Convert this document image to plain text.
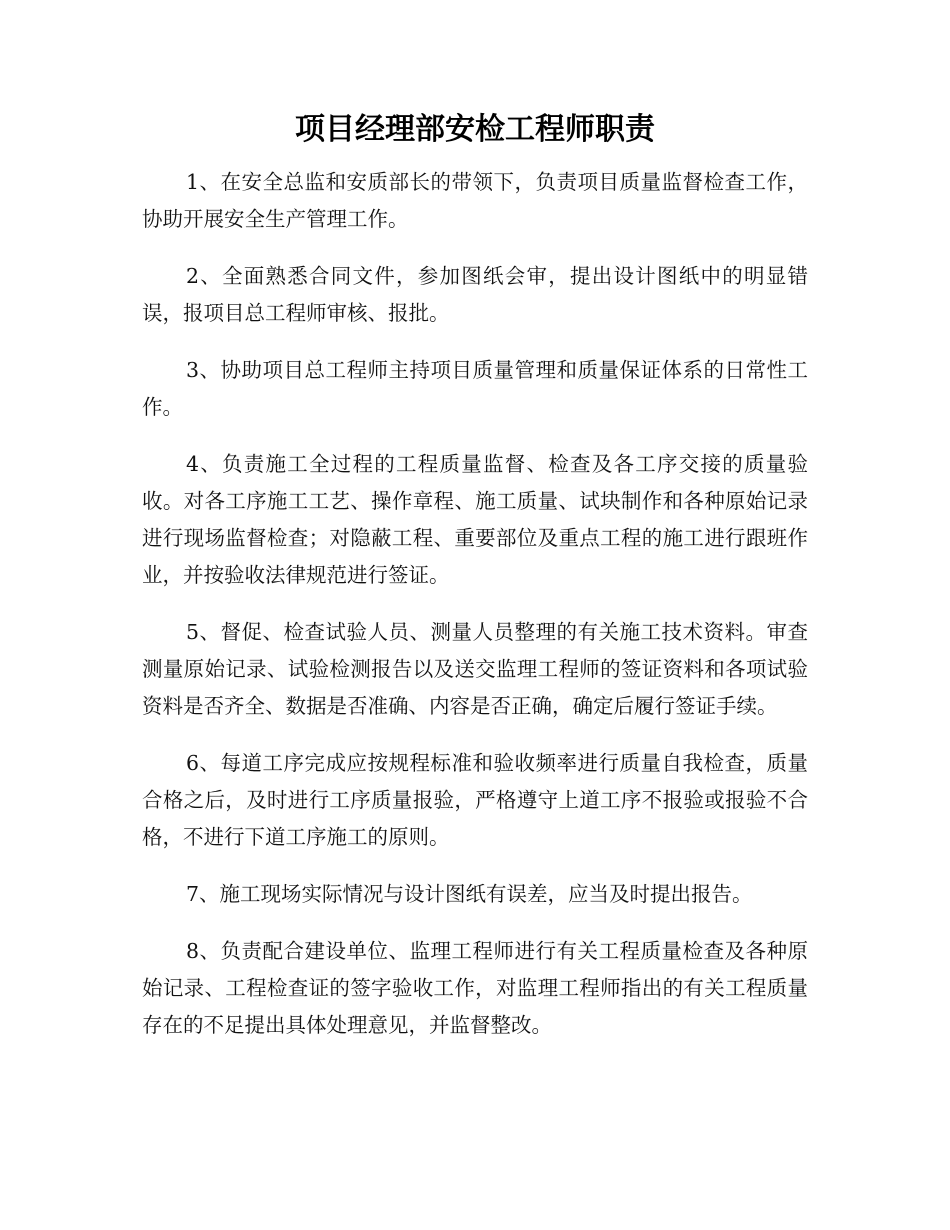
项目经理部安检工程师职责

1、在安全总监和安质部长的带领下，负责项目质量监督检查工作，协助开展安全生产管理工作。

2、全面熟悉合同文件，参加图纸会审，提出设计图纸中的明显错误，报项目总工程师审核、报批。

3、协助项目总工程师主持项目质量管理和质量保证体系的日常性工作。

4、负责施工全过程的工程质量监督、检查及各工序交接的质量验收。对各工序施工工艺、操作章程、施工质量、试块制作和各种原始记录进行现场监督检查；对隐蔽工程、重要部位及重点工程的施工进行跟班作业，并按验收法律规范进行签证。

5、督促、检查试验人员、测量人员整理的有关施工技术资料。审查测量原始记录、试验检测报告以及送交监理工程师的签证资料和各项试验资料是否齐全、数据是否准确、内容是否正确，确定后履行签证手续。

6、每道工序完成应按规程标准和验收频率进行质量自我检查，质量合格之后，及时进行工序质量报验，严格遵守上道工序不报验或报验不合格，不进行下道工序施工的原则。

7、施工现场实际情况与设计图纸有误差，应当及时提出报告。

8、负责配合建设单位、监理工程师进行有关工程质量检查及各种原始记录、工程检查证的签字验收工作，对监理工程师指出的有关工程质量存在的不足提出具体处理意见，并监督整改。
